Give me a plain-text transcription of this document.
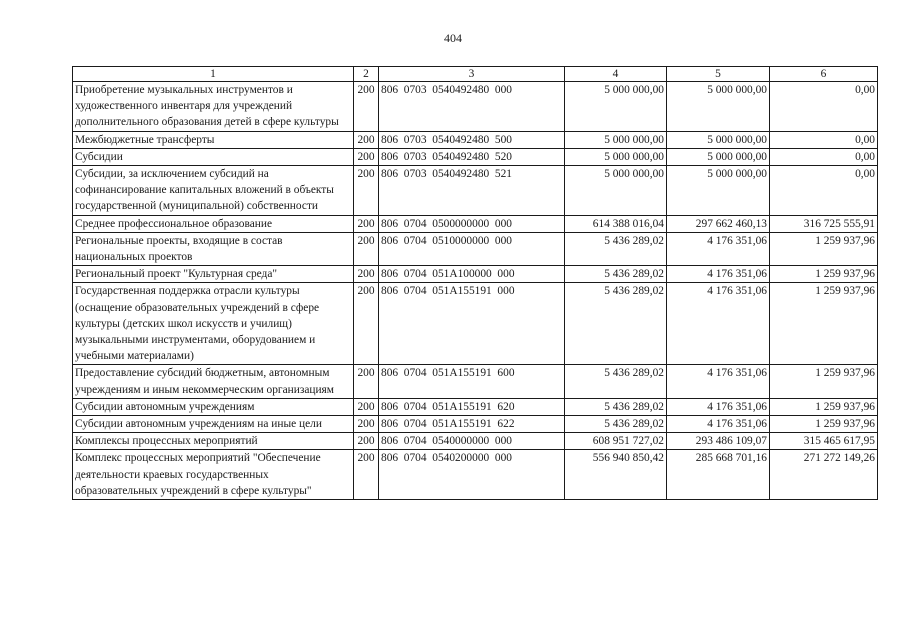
404
1	2	3	4	5	6
Приобретение музыкальных инструментов и художественного инвентаря для учреждений дополнительного образования детей в сфере культуры	200	806  0703  0540492480  000	5 000 000,00	5 000 000,00	0,00
Межбюджетные трансферты	200	806  0703  0540492480  500	5 000 000,00	5 000 000,00	0,00
Субсидии	200	806  0703  0540492480  520	5 000 000,00	5 000 000,00	0,00
Субсидии, за исключением субсидий на софинансирование капитальных вложений в объекты государственной (муниципальной) собственности	200	806  0703  0540492480  521	5 000 000,00	5 000 000,00	0,00
Среднее профессиональное образование	200	806  0704  0500000000  000	614 388 016,04	297 662 460,13	316 725 555,91
Региональные проекты, входящие в состав национальных проектов	200	806  0704  0510000000  000	5 436 289,02	4 176 351,06	1 259 937,96
Региональный проект "Культурная среда"	200	806  0704  051A100000  000	5 436 289,02	4 176 351,06	1 259 937,96
Государственная поддержка отрасли культуры (оснащение образовательных учреждений в сфере культуры (детских школ искусств и училищ) музыкальными инструментами, оборудованием и учебными материалами)	200	806  0704  051A155191  000	5 436 289,02	4 176 351,06	1 259 937,96
Предоставление субсидий бюджетным, автономным учреждениям и иным некоммерческим организациям	200	806  0704  051A155191  600	5 436 289,02	4 176 351,06	1 259 937,96
Субсидии автономным учреждениям	200	806  0704  051A155191  620	5 436 289,02	4 176 351,06	1 259 937,96
Субсидии автономным учреждениям на иные цели	200	806  0704  051A155191  622	5 436 289,02	4 176 351,06	1 259 937,96
Комплексы процессных мероприятий	200	806  0704  0540000000  000	608 951 727,02	293 486 109,07	315 465 617,95
Комплекс процессных мероприятий "Обеспечение деятельности краевых государственных образовательных учреждений в сфере культуры"	200	806  0704  0540200000  000	556 940 850,42	285 668 701,16	271 272 149,26
